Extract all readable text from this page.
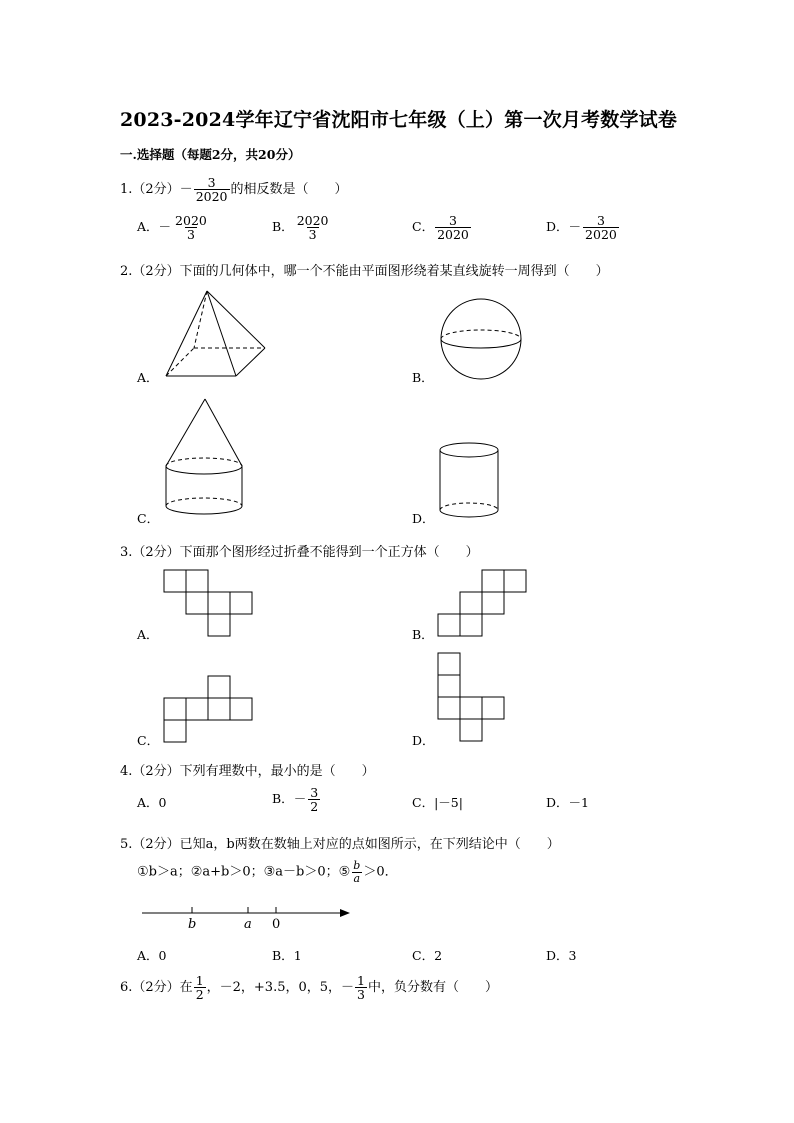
2023-2024学年辽宁省沈阳市七年级（上）第一次月考数学试卷
一.选择题（每题2分，共20分）
1.（2分）－ $\frac{3}{2020}$ 的相反数是（　　）
A．－ $\frac{2020}{3}$	B． $\frac{2020}{3}$	C． $\frac{3}{2020}$	D．－ $\frac{3}{2020}$
2.（2分）下面的几何体中，哪一个不能由平面图形绕着某直线旋转一周得到（　　）
A．	B．
C．	D．
3.（2分）下面那个图形经过折叠不能得到一个正方体（　　）
A．	B．
C．	D．
4.（2分）下列有理数中，最小的是（　　）
A．0	B．－ $\frac{3}{2}$	C．|－5|	D．－1
5.（2分）已知a，b两数在数轴上对应的点如图所示，在下列结论中（　　）
①b＞a；②a+b＞0；③a－b＞0；⑤ $\frac{b}{a} >0$．
b	a 0
A．0	B．1	C．2	D．3
6.（2分）在 $\frac{1}{2}$ ，－2，+3.5，0，5，－ $\frac{1}{3}$ 中，负分数有（　　）
